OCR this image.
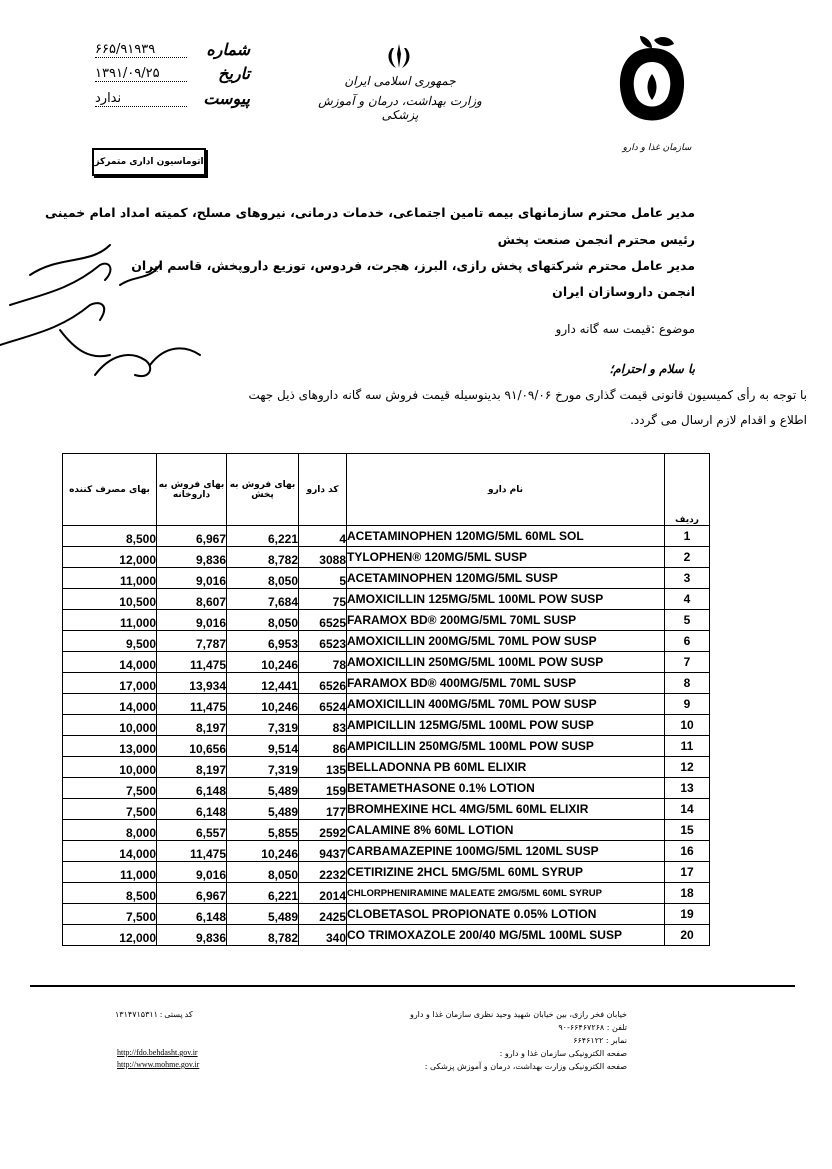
سازمان غذا و دارو
جمهوری اسلامی ایران
وزارت بهداشت، درمان و آموزش پزشکی
شماره
۶۶۵/۹۱۹۳۹
تاریخ
۱۳۹۱/۰۹/۲۵
پیوست
ندارد
اتوماسیون اداری متمرکز
مدیر عامل محترم سازمانهای بیمه تامین اجتماعی، خدمات درمانی، نیروهای مسلح، کمیته امداد امام خمینی
رئیس محترم انجمن صنعت پخش
مدیر عامل محترم شرکتهای پخش رازی، البرز، هجرت، فردوس، توزیع داروپخش، قاسم ایران
انجمن داروسازان ایران
موضوع :قیمت سه گانه دارو
با سلام و احترام؛
با توجه به رأی کمیسیون قانونی قیمت گذاری مورخ ۹۱/۰۹/۰۶ بدینوسیله قیمت فروش سه گانه داروهای ذیل جهت
اطلاع و اقدام لازم ارسال می گردد.
بهای مصرف کننده	بهای فروش به داروخانه	بهای فروش به پخش	کد دارو	نام دارو	ردیف
8,500	6,967	6,221	4	ACETAMINOPHEN 120MG/5ML 60ML SOL	1
12,000	9,836	8,782	3088	TYLOPHEN® 120MG/5ML SUSP	2
11,000	9,016	8,050	5	ACETAMINOPHEN 120MG/5ML SUSP	3
10,500	8,607	7,684	75	AMOXICILLIN 125MG/5ML 100ML POW SUSP	4
11,000	9,016	8,050	6525	FARAMOX BD® 200MG/5ML 70ML SUSP	5
9,500	7,787	6,953	6523	AMOXICILLIN 200MG/5ML 70ML POW SUSP	6
14,000	11,475	10,246	78	AMOXICILLIN 250MG/5ML 100ML POW SUSP	7
17,000	13,934	12,441	6526	FARAMOX BD® 400MG/5ML 70ML SUSP	8
14,000	11,475	10,246	6524	AMOXICILLIN 400MG/5ML 70ML POW SUSP	9
10,000	8,197	7,319	83	AMPICILLIN 125MG/5ML 100ML POW SUSP	10
13,000	10,656	9,514	86	AMPICILLIN 250MG/5ML 100ML POW SUSP	11
10,000	8,197	7,319	135	BELLADONNA PB 60ML ELIXIR	12
7,500	6,148	5,489	159	BETAMETHASONE 0.1% LOTION	13
7,500	6,148	5,489	177	BROMHEXINE HCL 4MG/5ML 60ML ELIXIR	14
8,000	6,557	5,855	2592	CALAMINE 8% 60ML LOTION	15
14,000	11,475	10,246	9437	CARBAMAZEPINE 100MG/5ML 120ML SUSP	16
11,000	9,016	8,050	2232	CETIRIZINE 2HCL 5MG/5ML 60ML SYRUP	17
8,500	6,967	6,221	2014	CHLORPHENIRAMINE MALEATE 2MG/5ML 60ML SYRUP	18
7,500	6,148	5,489	2425	CLOBETASOL PROPIONATE 0.05% LOTION	19
12,000	9,836	8,782	340	CO TRIMOXAZOLE 200/40 MG/5ML 100ML SUSP	20
خیابان فخر رازی، بین خیابان شهید وحید نظری سازمان غذا و دارو
تلفن : ۶۶۴۶۷۲۶۸-۹۰
نمابر : ۶۶۴۶۱۲۲
صفحه الکترونیکی سازمان غذا و دارو :
صفحه الکترونیکی وزارت بهداشت، درمان و آموزش پزشکی :
کد پستی : ۱۳۱۴۷۱۵۳۱۱
http://fdo.behdasht.gov.ir
http://www.mohme.gov.ir
